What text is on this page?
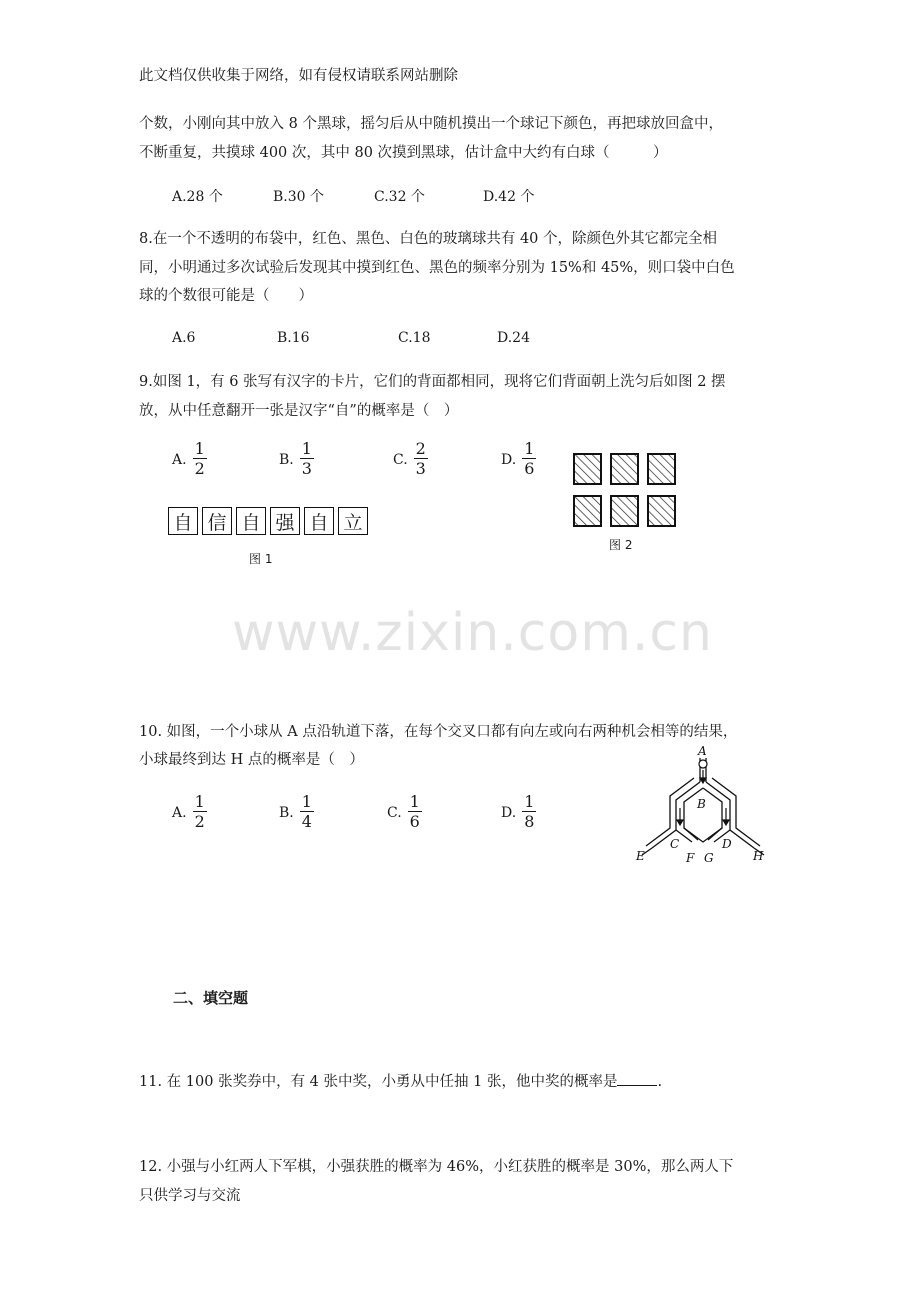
此文档仅供收集于网络，如有侵权请联系网站删除
个数，小刚向其中放入 8 个黑球，摇匀后从中随机摸出一个球记下颜色，再把球放回盒中，
不断重复，共摸球 400 次，其中 80 次摸到黑球，估计盒中大约有白球（　　　）
A.28 个	B.30 个	C.32 个	D.42 个
8.在一个不透明的布袋中，红色、黑色、白色的玻璃球共有 40 个，除颜色外其它都完全相
同，小明通过多次试验后发现其中摸到红色、黑色的频率分别为 15%和 45%，则口袋中白色
球的个数很可能是（　　）
A.6	B.16	C.18	D.24
9.如图 1，有 6 张写有汉字的卡片，它们的背面都相同，现将它们背面朝上洗匀后如图 2 摆
放，从中任意翻开一张是汉字“自”的概率是（　）
A. $\frac{1}{2}$	B. $\frac{1}{3}$	C. $\frac{2}{3}$	D. $\frac{1}{6}$
自 信 自 强 自 立
图 1
图 2
www.zixin.com.cn
10. 如图，一个小球从 A 点沿轨道下落，在每个交叉口都有向左或向右两种机会相等的结果，
小球最终到达 H 点的概率是（　）
A. $\frac{1}{2}$	B. $\frac{1}{4}$	C. $\frac{1}{6}$	D. $\frac{1}{8}$
A
B
C	D
E	F G	H
二、填空题
11. 在 100 张奖券中，有 4 张中奖，小勇从中任抽 1 张，他中奖的概率是	.
12. 小强与小红两人下军棋，小强获胜的概率为 46%，小红获胜的概率是 30%，那么两人下
只供学习与交流
